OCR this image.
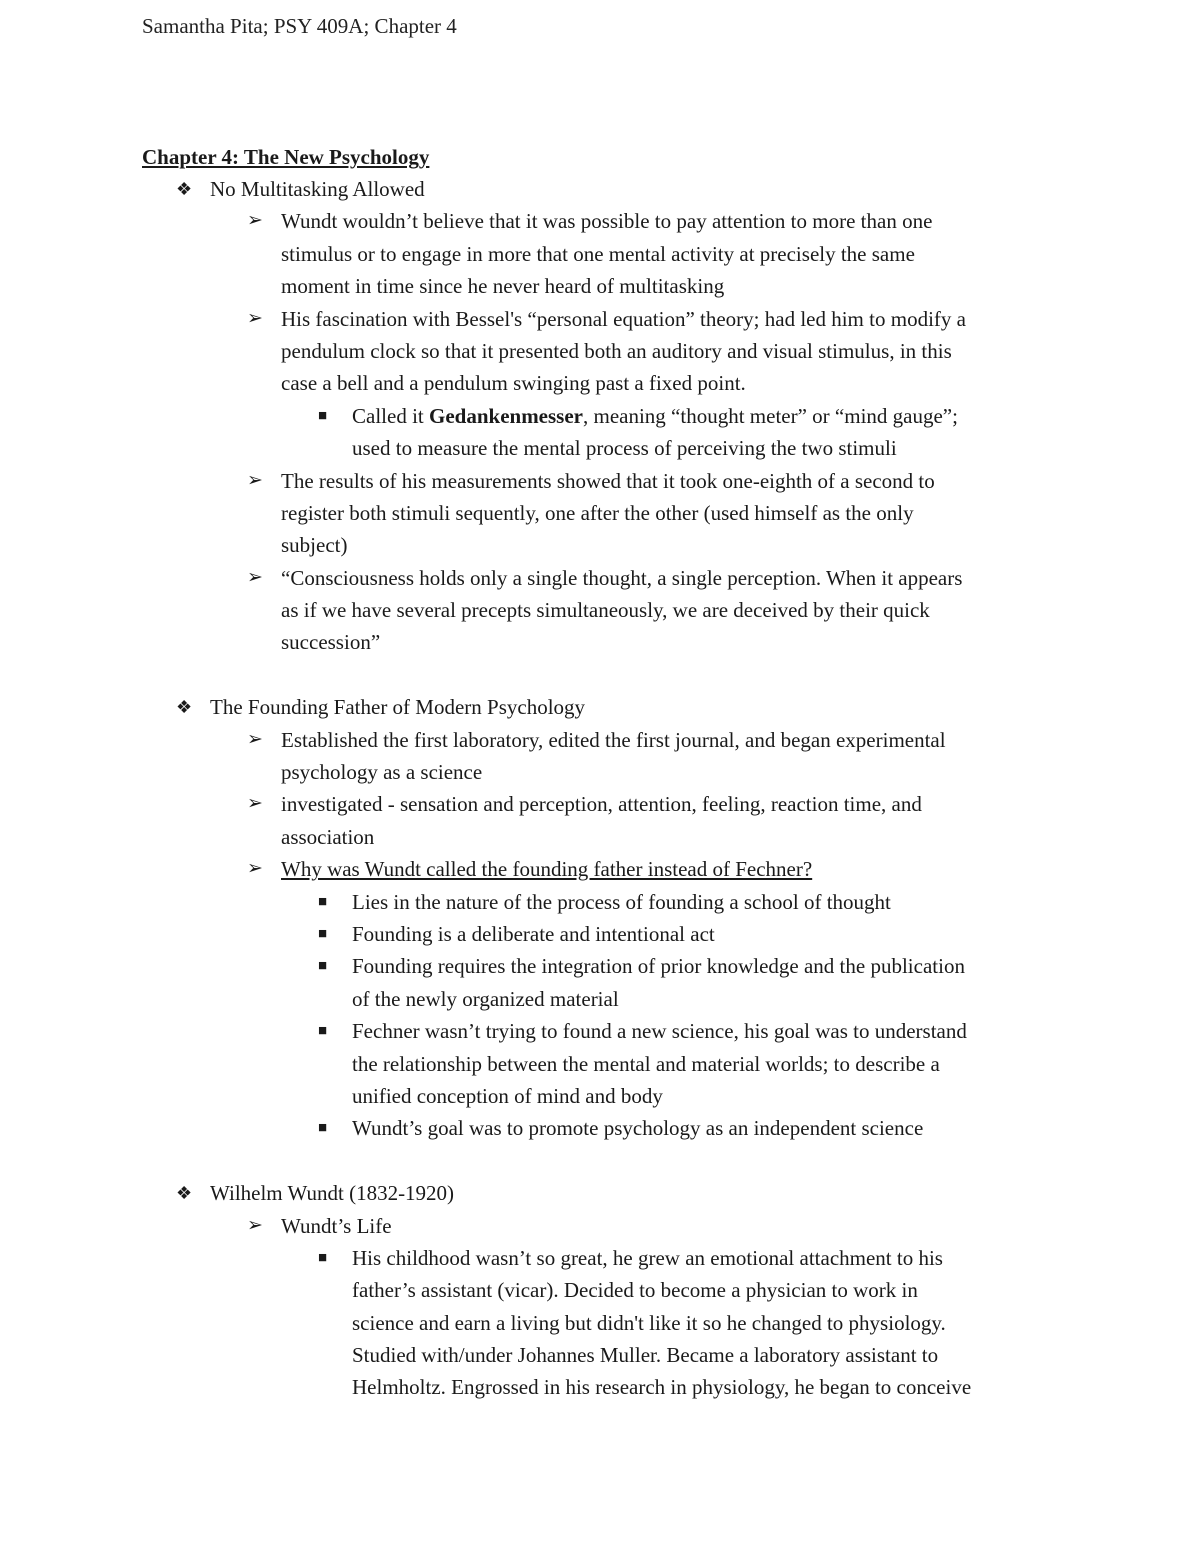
Samantha Pita; PSY 409A; Chapter 4
Chapter 4: The New Psychology
❖ No Multitasking Allowed
➢ Wundt wouldn’t believe that it was possible to pay attention to more than one
stimulus or to engage in more that one mental activity at precisely the same
moment in time since he never heard of multitasking
➢ His fascination with Bessel's “personal equation” theory; had led him to modify a
pendulum clock so that it presented both an auditory and visual stimulus, in this
case a bell and a pendulum swinging past a fixed point.
■ Called it Gedankenmesser, meaning “thought meter” or “mind gauge”;
used to measure the mental process of perceiving the two stimuli
➢ The results of his measurements showed that it took one-eighth of a second to
register both stimuli sequently, one after the other (used himself as the only
subject)
➢ “Consciousness holds only a single thought, a single perception. When it appears
as if we have several precepts simultaneously, we are deceived by their quick
succession”
❖ The Founding Father of Modern Psychology
➢ Established the first laboratory, edited the first journal, and began experimental
psychology as a science
➢ investigated - sensation and perception, attention, feeling, reaction time, and
association
➢ Why was Wundt called the founding father instead of Fechner?
■ Lies in the nature of the process of founding a school of thought
■ Founding is a deliberate and intentional act
■ Founding requires the integration of prior knowledge and the publication
of the newly organized material
■ Fechner wasn’t trying to found a new science, his goal was to understand
the relationship between the mental and material worlds; to describe a
unified conception of mind and body
■ Wundt’s goal was to promote psychology as an independent science
❖ Wilhelm Wundt (1832-1920)
➢ Wundt’s Life
■ His childhood wasn’t so great, he grew an emotional attachment to his
father’s assistant (vicar). Decided to become a physician to work in
science and earn a living but didn't like it so he changed to physiology.
Studied with/under Johannes Muller. Became a laboratory assistant to
Helmholtz. Engrossed in his research in physiology, he began to conceive
